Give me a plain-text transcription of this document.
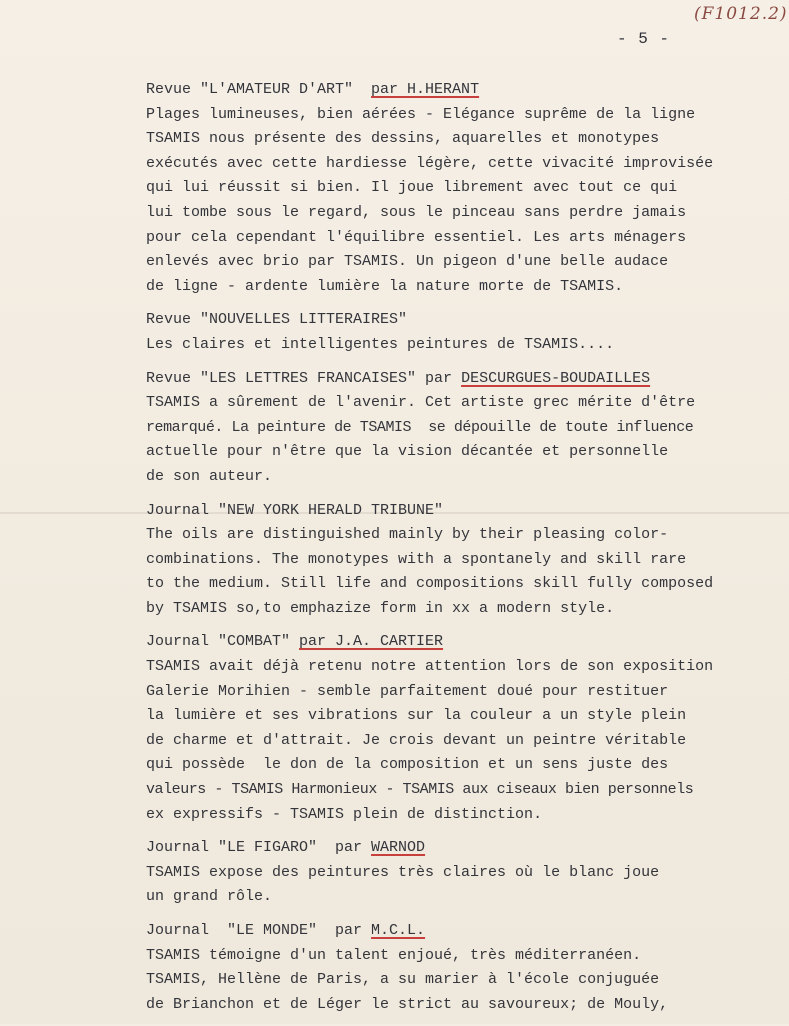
(F1012.2)
- 5 -
Revue "L'AMATEUR D'ART"  par H.HERANT
Plages lumineuses, bien aérées - Elégance suprême de la ligne
TSAMIS nous présente des dessins, aquarelles et monotypes
exécutés avec cette hardiesse légère, cette vivacité improvisée
qui lui réussit si bien. Il joue librement avec tout ce qui
lui tombe sous le regard, sous le pinceau sans perdre jamais
pour cela cependant l'équilibre essentiel. Les arts ménagers
enlevés avec brio par TSAMIS. Un pigeon d'une belle audace
de ligne - ardente lumière la nature morte de TSAMIS.
Revue "NOUVELLES LITTERAIRES"
Les claires et intelligentes peintures de TSAMIS....
Revue "LES LETTRES FRANCAISES" par DESCURGUES-BOUDAILLES
TSAMIS a sûrement de l'avenir. Cet artiste grec mérite d'être
remarqué. La peinture de TSAMIS  se dépouille de toute influence
actuelle pour n'être que la vision décantée et personnelle
de son auteur.
Journal "NEW YORK HERALD TRIBUNE"
The oils are distinguished mainly by their pleasing color-
combinations. The monotypes with a spontanely and skill rare
to the medium. Still life and compositions skill fully composed
by TSAMIS so,to emphazize form in xx a modern style.
Journal "COMBAT" par J.A. CARTIER
TSAMIS avait déjà retenu notre attention lors de son exposition
Galerie Morihien - semble parfaitement doué pour restituer
la lumière et ses vibrations sur la couleur a un style plein
de charme et d'attrait. Je crois devant un peintre véritable
qui possède  le don de la composition et un sens juste des
valeurs - TSAMIS Harmonieux - TSAMIS aux ciseaux bien personnels
ex expressifs - TSAMIS plein de distinction.
Journal "LE FIGARO"  par WARNOD
TSAMIS expose des peintures très claires où le blanc joue
un grand rôle.
Journal  "LE MONDE"  par M.C.L.
TSAMIS témoigne d'un talent enjoué, très méditerranéen.
TSAMIS, Hellène de Paris, a su marier à l'école conjuguée
de Brianchon et de Léger le strict au savoureux; de Mouly,
